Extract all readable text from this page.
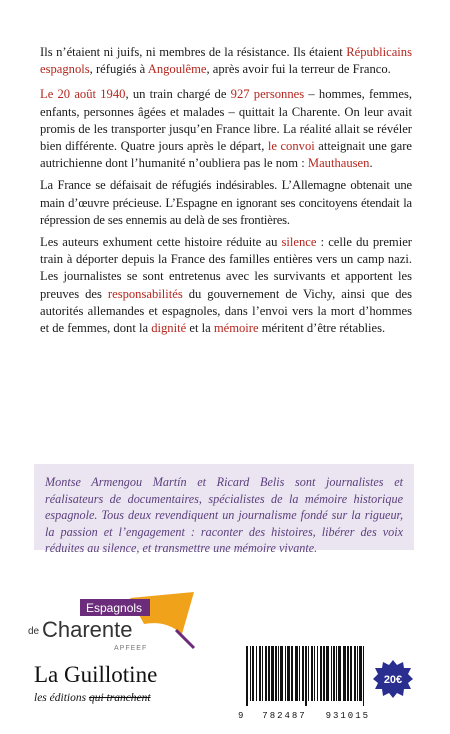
Ils n’étaient ni juifs, ni membres de la résistance. Ils étaient Républicains espagnols, réfugiés à Angoulême, après avoir fui la terreur de Franco.

Le 20 août 1940, un train chargé de 927 personnes – hommes, femmes, enfants, personnes âgées et malades – quittait la Charente. On leur avait promis de les transporter jusqu’en France libre. La réalité allait se révéler bien différente. Quatre jours après le départ, le convoi atteignait une gare autrichienne dont l’humanité n’oubliera pas le nom : Mauthausen.

La France se défaisait de réfugiés indésirables. L’Allemagne obtenait une main d’œuvre précieuse. L’Espagne en ignorant ses concitoyens étendait la répression de ses ennemis au delà de ses frontières.

Les auteurs exhument cette histoire réduite au silence : celle du premier train à déporter depuis la France des familles entières vers un camp nazi. Les journalistes se sont entretenus avec les survivants et apportent les preuves des responsabilités du gouvernement de Vichy, ainsi que des autorités allemandes et espagnoles, dans l’envoi vers la mort d’hommes et de femmes, dont la dignité et la mémoire méritent d’être rétablies.

Montse Armengou Martín et Ricard Belis sont journalistes et réalisateurs de documentaires, spécialistes de la mémoire historique espagnole. Tous deux revendiquent un journalisme fondé sur la rigueur, la passion et l’engagement : raconter des histoires, libérer des voix réduites au silence, et transmettre une mémoire vivante.
Espagnols
de Charente
APFEEF
La Guillotine
les éditions qui tranchent
9 782487 931015
20€
